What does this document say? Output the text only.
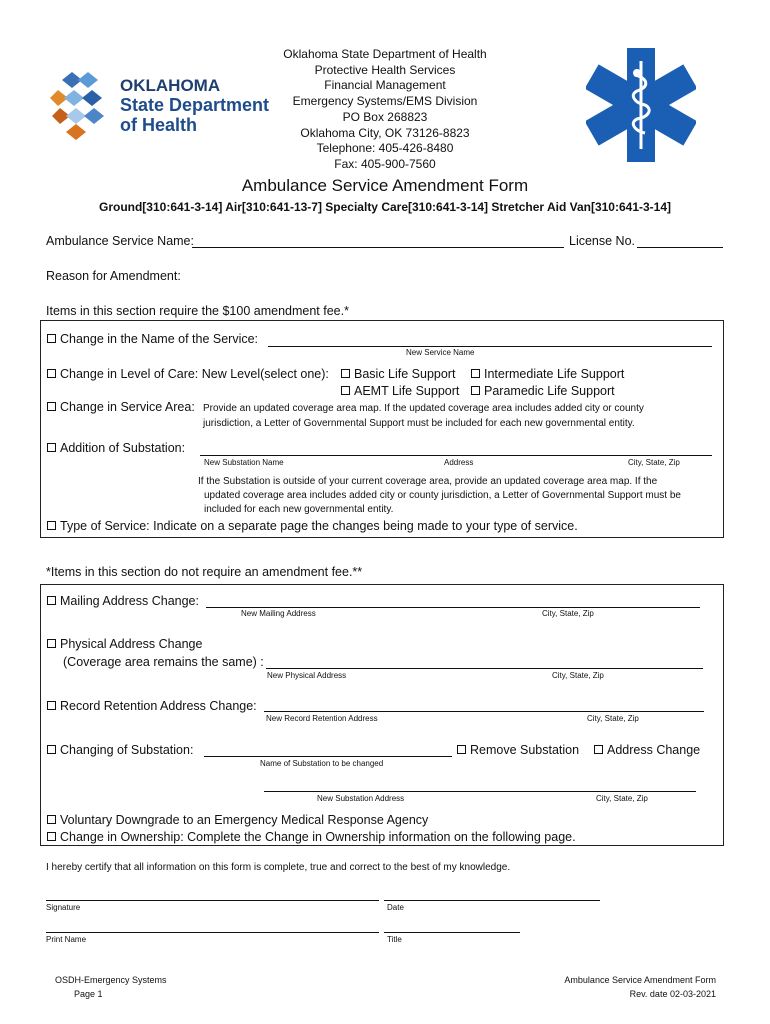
OKLAHOMA
State Department
of Health
Oklahoma State Department of Health
Protective Health Services
Financial Management
Emergency Systems/EMS Division
PO Box 268823
Oklahoma City, OK 73126-8823
Telephone: 405-426-8480
Fax: 405-900-7560
Ambulance Service Amendment Form
Ground[310:641-3-14] Air[310:641-13-7] Specialty Care[310:641-3-14] Stretcher Aid Van[310:641-3-14]
Ambulance Service Name:	License No.
Reason for Amendment:
Items in this section require the $100 amendment fee.*
Change in the Name of the Service:
New Service Name
Change in Level of Care: New Level(select one):	Basic Life Support	Intermediate Life Support
AEMT Life Support	Paramedic Life Support
Change in Service Area: Provide an updated coverage area map. If the updated coverage area includes added city or county
jurisdiction, a Letter of Governmental Support must be included for each new governmental entity.
Addition of Substation:
New Substation Name	Address	City, State, Zip
If the Substation is outside of your current coverage area, provide an updated coverage area map. If the
updated coverage area includes added city or county jurisdiction, a Letter of Governmental Support must be
included for each new governmental entity.
Type of Service: Indicate on a separate page the changes being made to your type of service.
*Items in this section do not require an amendment fee.**
Mailing Address Change:
New Mailing Address	City, State, Zip
Physical Address Change
(Coverage area remains the same) :
New Physical Address	City, State, Zip
Record Retention Address Change:
New Record Retention Address	City, State, Zip
Changing of Substation:	Remove Substation	Address Change
Name of Substation to be changed
New Substation Address	City, State, Zip
Voluntary Downgrade to an Emergency Medical Response Agency
Change in Ownership: Complete the Change in Ownership information on the following page.
I hereby certify that all information on this form is complete, true and correct to the best of my knowledge.
Signature	Date
Print Name	Title
OSDH-Emergency Systems
Page 1
Ambulance Service Amendment Form
Rev. date 02-03-2021
